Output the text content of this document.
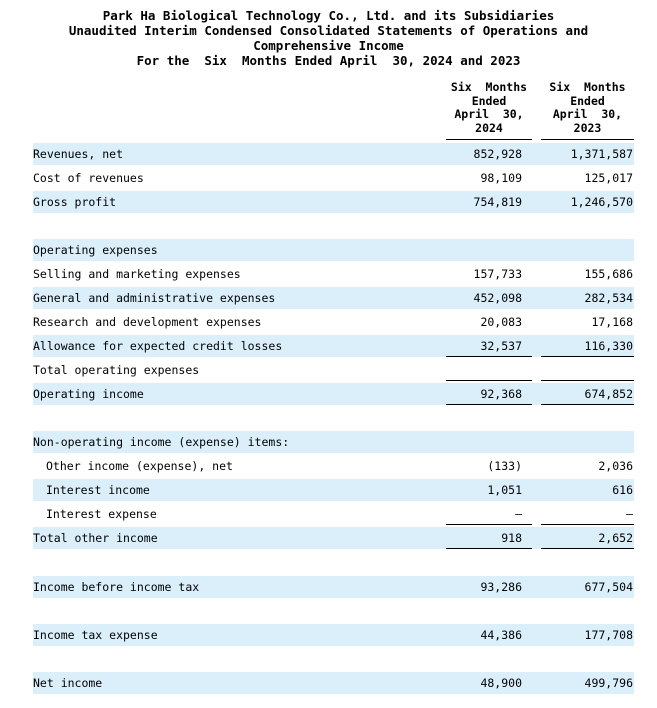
Park Ha Biological Technology Co., Ltd. and its Subsidiaries
Unaudited Interim Condensed Consolidated Statements of Operations and
Comprehensive Income
For the  Six  Months Ended April  30, 2024 and 2023
Six  Months
Ended
April  30,
2024
Six  Months
Ended
April  30,
2023
Revenues, net	852,928	1,371,587
Cost of revenues	98,109	125,017
Gross profit	754,819	1,246,570
Operating expenses
Selling and marketing expenses	157,733	155,686
General and administrative expenses	452,098	282,534
Research and development expenses	20,083	17,168
Allowance for expected credit losses	32,537	116,330
Total operating expenses
Operating income	92,368	674,852
Non-operating income (expense) items:
Other income (expense), net	(133)	2,036
Interest income	1,051	616
Interest expense	—	—
Total other income	918	2,652
Income before income tax	93,286	677,504
Income tax expense	44,386	177,708
Net income	48,900	499,796
